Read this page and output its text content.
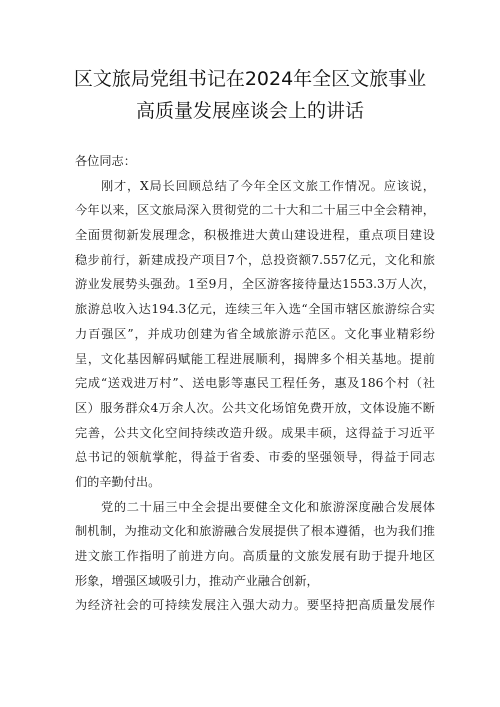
区文旅局党组书记在2024年全区文旅事业
高质量发展座谈会上的讲话
各位同志：
刚才，X局长回顾总结了今年全区文旅工作情况。应该说，
今年以来，区文旅局深入贯彻党的二十大和二十届三中全会精神，
全面贯彻新发展理念，积极推进大黄山建设进程，重点项目建设
稳步前行，新建成投产项目7个，总投资额7.557亿元，文化和旅
游业发展势头强劲。1至9月，全区游客接待量达1553.3万人次，
旅游总收入达194.3亿元，连续三年入选“全国市辖区旅游综合实
力百强区”，并成功创建为省全域旅游示范区。文化事业精彩纷
呈，文化基因解码赋能工程进展顺利，揭牌多个相关基地。提前
完成“送戏进万村”、送电影等惠民工程任务，惠及186个村（社
区）服务群众4万余人次。公共文化场馆免费开放，文体设施不断
完善，公共文化空间持续改造升级。成果丰硕，这得益于习近平
总书记的领航掌舵，得益于省委、市委的坚强领导，得益于同志
们的辛勤付出。
党的二十届三中全会提出要健全文化和旅游深度融合发展体
制机制，为推动文化和旅游融合发展提供了根本遵循，也为我们推
进文旅工作指明了前进方向。高质量的文旅发展有助于提升地区
形象，增强区域吸引力，推动产业融合创新，
为经济社会的可持续发展注入强大动力。要坚持把高质量发展作
